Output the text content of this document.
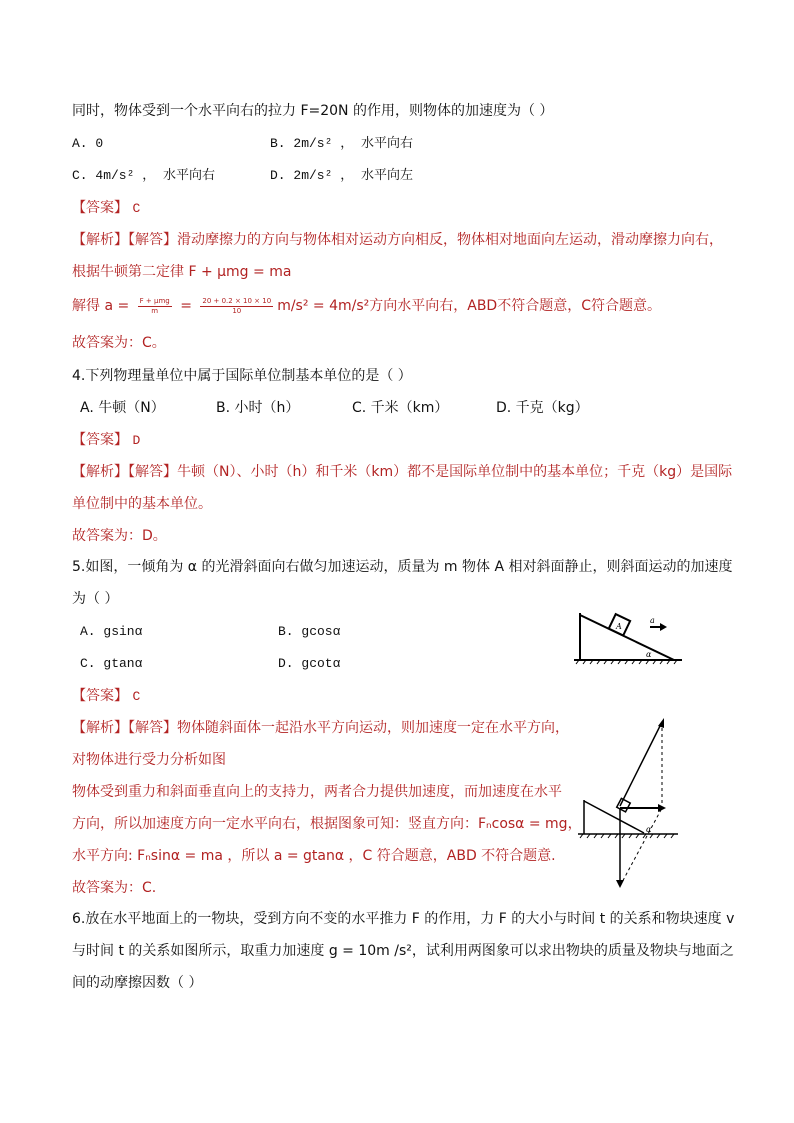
同时，物体受到一个水平向右的拉力 F=20N 的作用，则物体的加速度为（ ）
A. 0	B. 2m/s² ， 水平向右
C. 4m/s² ， 水平向右	D. 2m/s² ， 水平向左
【答案】 C
【解析】【解答】滑动摩擦力的方向与物体相对运动方向相反，物体相对地面向左运动，滑动摩擦力向右，
根据牛顿第二定律 F + μmg = ma
解得 $a = \frac{\text{F + μmg}}{m} = \frac{20 + 0.2 \times 10 \times 10}{10} m/s^2 = 4m/s^2$方向水平向右，ABD不符合题意，C符合题意。
故答案为：C。
4.下列物理量单位中属于国际单位制基本单位的是（ ）
A. 牛顿（N）	B. 小时（h）	C. 千米（km）	D. 千克（kg）
【答案】 D
【解析】【解答】牛顿（N）、小时（h）和千米（km）都不是国际单位制中的基本单位；千克（kg）是国际
单位制中的基本单位。
故答案为：D。
5.如图，一倾角为 α 的光滑斜面向右做匀加速运动，质量为 m 物体 A 相对斜面静止，则斜面运动的加速度
为（ ）
A. gsinα	B. gcosα
C. gtanα	D. gcotα
A
a
α
【答案】 C
【解析】【解答】物体随斜面体一起沿水平方向运动，则加速度一定在水平方向，
对物体进行受力分析如图
物体受到重力和斜面垂直向上的支持力，两者合力提供加速度，而加速度在水平
方向，所以加速度方向一定水平向右，根据图象可知：竖直方向：Fₙcosα = mg，
水平方向: Fₙsinα = ma ，所以 a = gtanα ，C 符合题意，ABD 不符合题意.
故答案为：C.
α
6.放在水平地面上的一物块，受到方向不变的水平推力 F 的作用，力 F 的大小与时间 t 的关系和物块速度 v
与时间 t 的关系如图所示，取重力加速度 g = 10m /s²，试利用两图象可以求出物块的质量及物块与地面之
间的动摩擦因数（ ）
